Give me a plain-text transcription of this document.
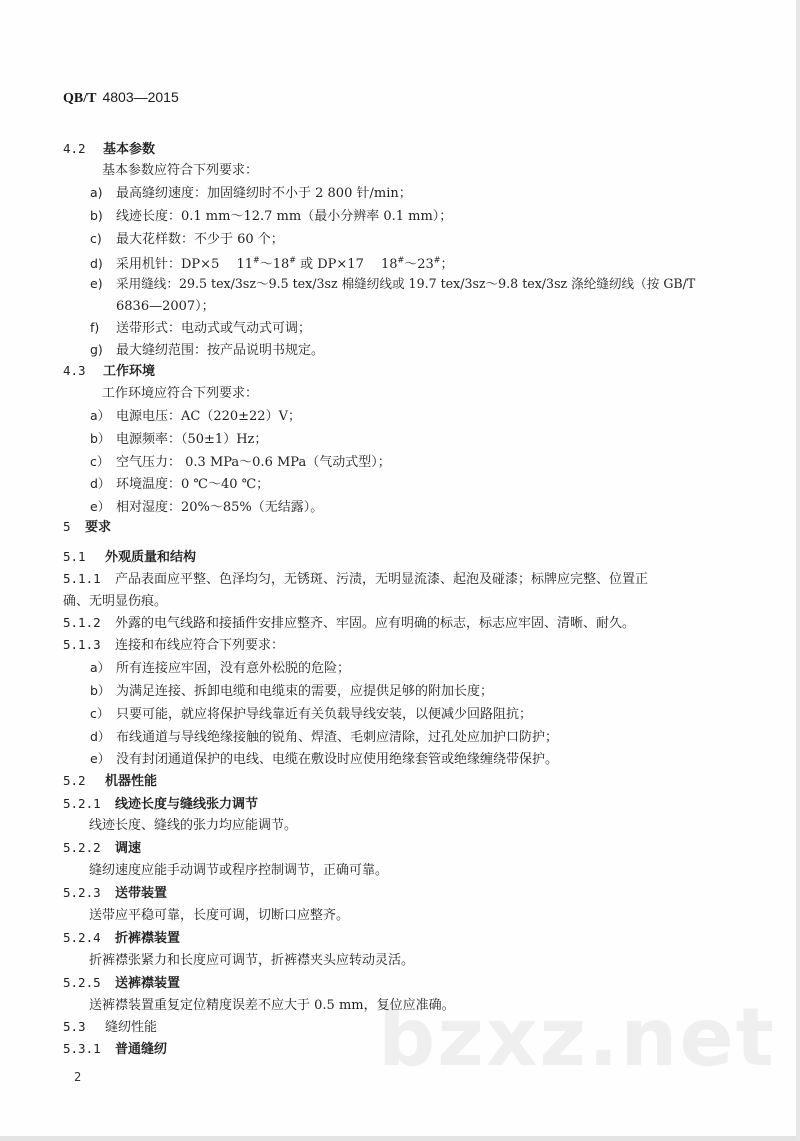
bzxz.net
QB/T 4803—2015
4.2 基本参数
基本参数应符合下列要求：
a) 最高缝纫速度：加固缝纫时不小于 2 800 针/min；
b) 线迹长度：0.1 mm～12.7 mm（最小分辨率 0.1 mm）；
c) 最大花样数：不少于 60 个；
d) 采用机针：DP×5　 11#～18# 或 DP×17　 18#～23#；
e) 采用缝线：29.5 tex/3sz～9.5 tex/3sz 棉缝纫线或 19.7 tex/3sz～9.8 tex/3sz 涤纶缝纫线（按 GB/T
6836—2007）；
f) 送带形式：电动式或气动式可调；
g) 最大缝纫范围：按产品说明书规定。
4.3 工作环境
工作环境应符合下列要求：
a） 电源电压：AC（220±22）V；
b） 电源频率：（50±1）Hz；
c） 空气压力： 0.3 MPa～0.6 MPa（气动式型）；
d） 环境温度：0 ℃～40 ℃；
e） 相对湿度：20%～85%（无结露）。
5 要求
5.1 外观质量和结构
5.1.1 产品表面应平整、色泽均匀，无锈斑、污渍，无明显流漆、起泡及碰漆；标牌应完整、位置正
确、无明显伤痕。
5.1.2 外露的电气线路和接插件安排应整齐、牢固。应有明确的标志，标志应牢固、清晰、耐久。
5.1.3 连接和布线应符合下列要求：
a） 所有连接应牢固，没有意外松脱的危险；
b） 为满足连接、拆卸电缆和电缆束的需要，应提供足够的附加长度；
c） 只要可能，就应将保护导线靠近有关负载导线安装，以便减少回路阻抗；
d） 布线通道与导线绝缘接触的锐角、焊渣、毛刺应清除，过孔处应加护口防护；
e） 没有封闭通道保护的电线、电缆在敷设时应使用绝缘套管或绝缘缠绕带保护。
5.2 机器性能
5.2.1 线迹长度与缝线张力调节
线迹长度、缝线的张力均应能调节。
5.2.2 调速
缝纫速度应能手动调节或程序控制调节，正确可靠。
5.2.3 送带装置
送带应平稳可靠，长度可调，切断口应整齐。
5.2.4 折裤襟装置
折裤襟张紧力和长度应可调节，折裤襟夹头应转动灵活。
5.2.5 送裤襟装置
送裤襟装置重复定位精度误差不应大于 0.5 mm，复位应准确。
5.3 缝纫性能
5.3.1 普通缝纫
2
